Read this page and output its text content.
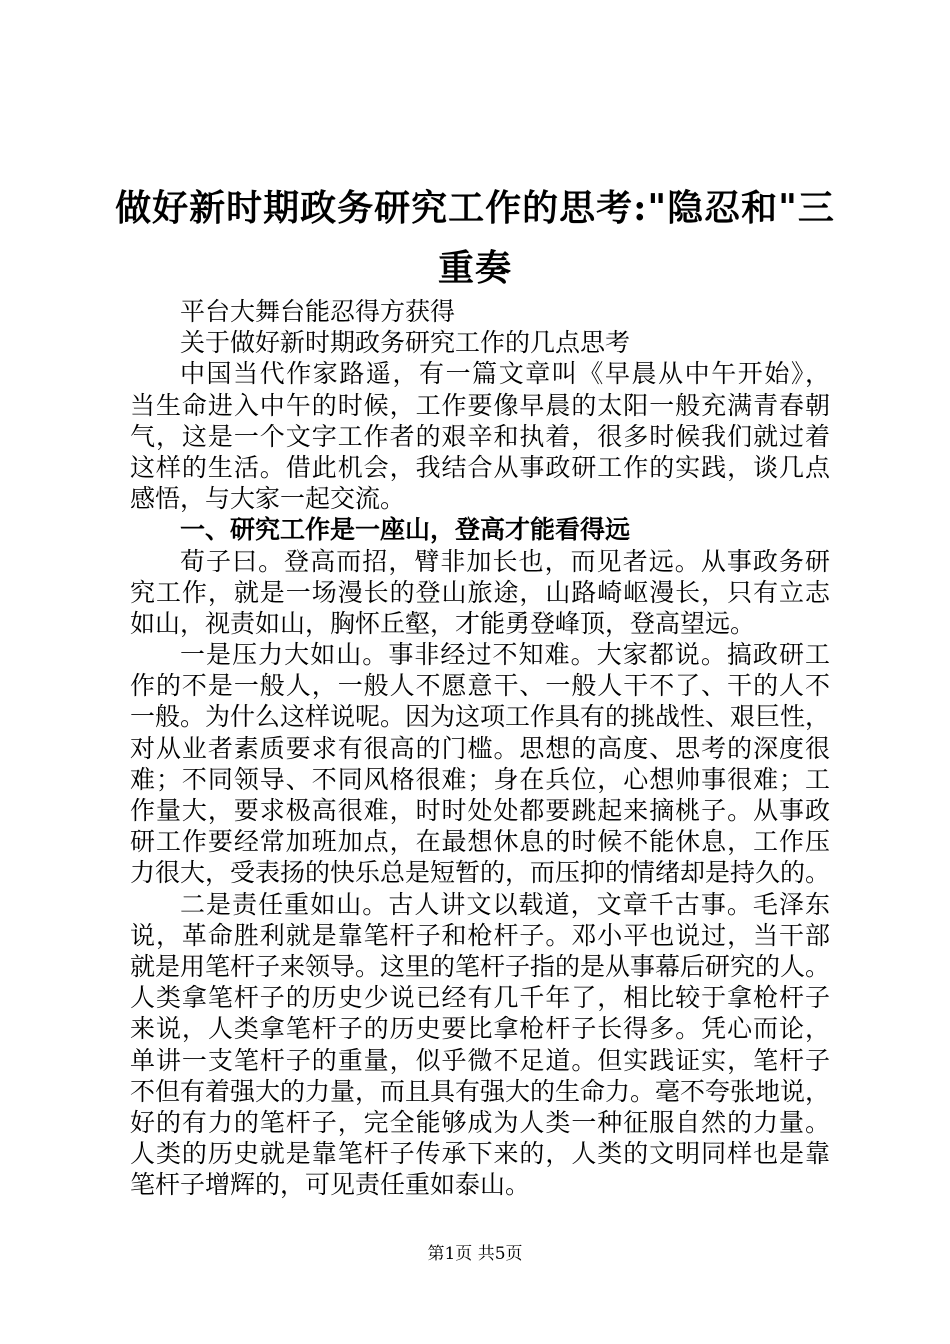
做好新时期政务研究工作的思考:"隐忍和"三
重奏
平台大舞台能忍得方获得
关于做好新时期政务研究工作的几点思考
中国当代作家路遥，有一篇文章叫《早晨从中午开始》，
当生命进入中午的时候，工作要像早晨的太阳一般充满青春朝
气，这是一个文字工作者的艰辛和执着，很多时候我们就过着
这样的生活。借此机会，我结合从事政研工作的实践，谈几点
感悟，与大家一起交流。
一、研究工作是一座山，登高才能看得远
荀子曰。登高而招，臂非加长也，而见者远。从事政务研
究工作，就是一场漫长的登山旅途，山路崎岖漫长，只有立志
如山，视责如山，胸怀丘壑，才能勇登峰顶，登高望远。
一是压力大如山。事非经过不知难。大家都说。搞政研工
作的不是一般人，一般人不愿意干、一般人干不了、干的人不
一般。为什么这样说呢。因为这项工作具有的挑战性、艰巨性，
对从业者素质要求有很高的门槛。思想的高度、思考的深度很
难；不同领导、不同风格很难；身在兵位，心想帅事很难；工
作量大，要求极高很难，时时处处都要跳起来摘桃子。从事政
研工作要经常加班加点，在最想休息的时候不能休息，工作压
力很大，受表扬的快乐总是短暂的，而压抑的情绪却是持久的。
二是责任重如山。古人讲文以载道，文章千古事。毛泽东
说，革命胜利就是靠笔杆子和枪杆子。邓小平也说过，当干部
就是用笔杆子来领导。这里的笔杆子指的是从事幕后研究的人。
人类拿笔杆子的历史少说已经有几千年了，相比较于拿枪杆子
来说，人类拿笔杆子的历史要比拿枪杆子长得多。凭心而论，
单讲一支笔杆子的重量，似乎微不足道。但实践证实，笔杆子
不但有着强大的力量，而且具有强大的生命力。毫不夸张地说，
好的有力的笔杆子，完全能够成为人类一种征服自然的力量。
人类的历史就是靠笔杆子传承下来的，人类的文明同样也是靠
笔杆子增辉的，可见责任重如泰山。
第1页 共5页
